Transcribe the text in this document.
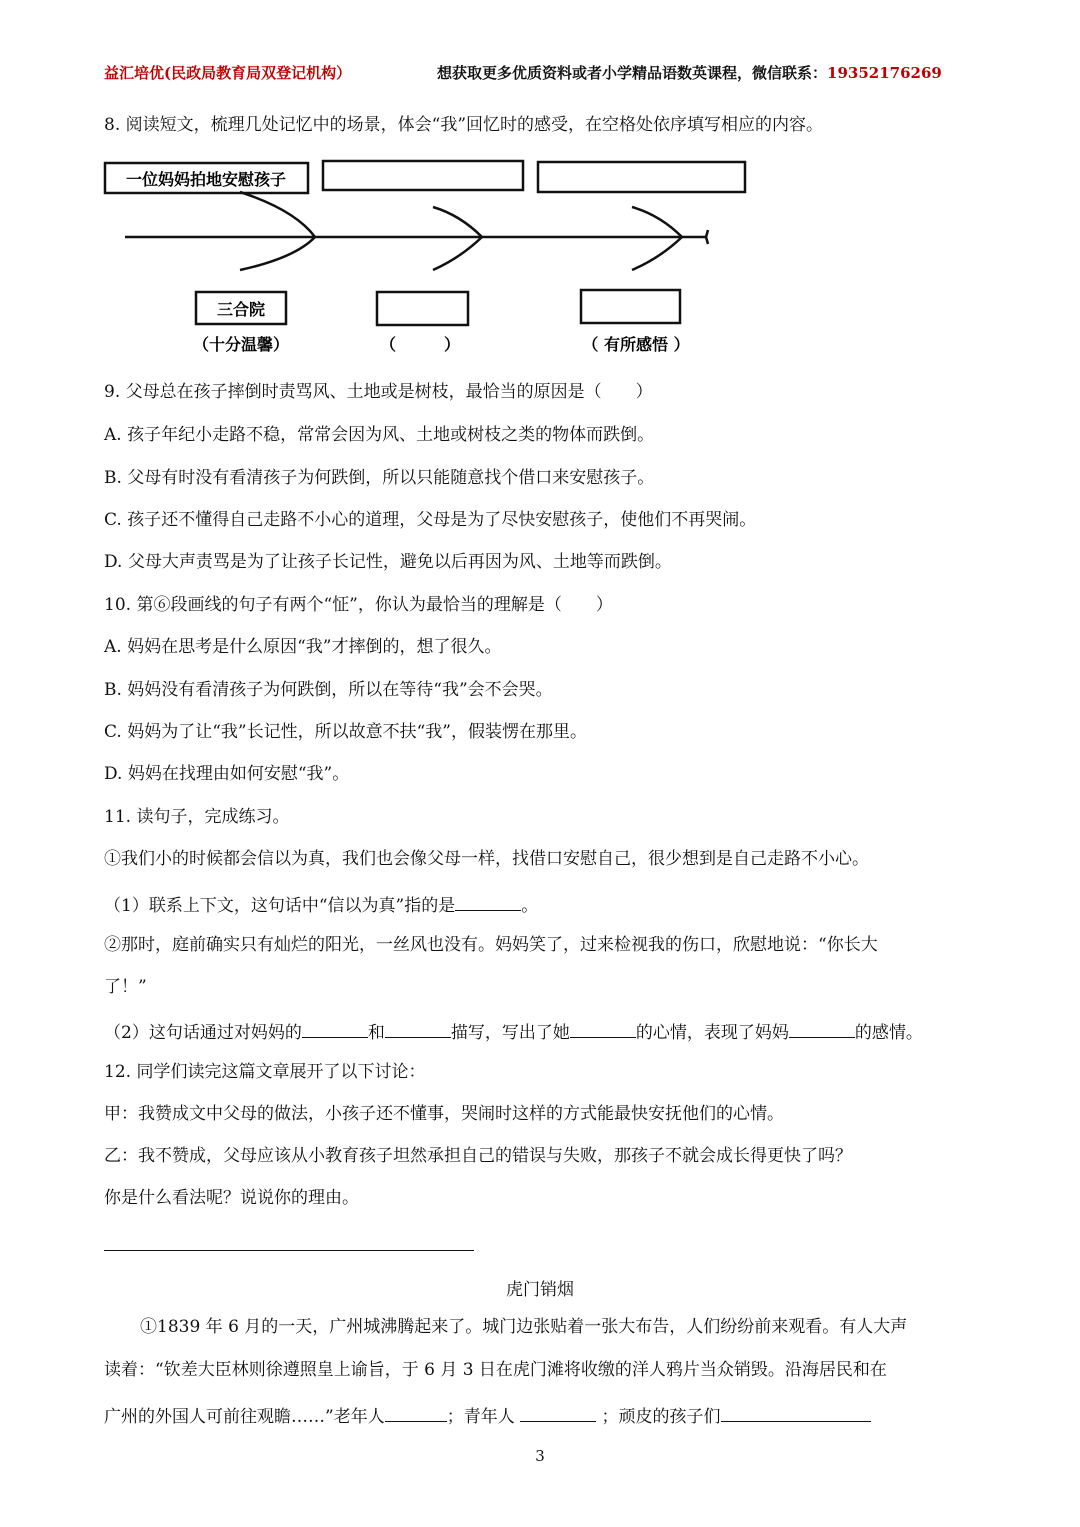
益汇培优(民政局教育局双登记机构）	想获取更多优质资料或者小学精品语数英课程，微信联系：19352176269
8. 阅读短文，梳理几处记忆中的场景，体会“我”回忆时的感受，在空格处依序填写相应的内容。
一位妈妈拍地安慰孩子
三合院
（十分温馨）	（　　　）	（ 有所感悟 ）
9. 父母总在孩子摔倒时责骂风、土地或是树枝，最恰当的原因是（　　）
A. 孩子年纪小走路不稳，常常会因为风、土地或树枝之类的物体而跌倒。
B. 父母有时没有看清孩子为何跌倒，所以只能随意找个借口来安慰孩子。
C. 孩子还不懂得自己走路不小心的道理，父母是为了尽快安慰孩子，使他们不再哭闹。
D. 父母大声责骂是为了让孩子长记性，避免以后再因为风、土地等而跌倒。
10. 第⑥段画线的句子有两个“怔”，你认为最恰当的理解是（　　）
A. 妈妈在思考是什么原因“我”才摔倒的，想了很久。
B. 妈妈没有看清孩子为何跌倒，所以在等待“我”会不会哭。
C. 妈妈为了让“我”长记性，所以故意不扶“我”，假装愣在那里。
D. 妈妈在找理由如何安慰“我”。
11. 读句子，完成练习。
①我们小的时候都会信以为真，我们也会像父母一样，找借口安慰自己，很少想到是自己走路不小心。
（1）联系上下文，这句话中“信以为真”指的是	。
②那时，庭前确实只有灿烂的阳光，一丝风也没有。妈妈笑了，过来检视我的伤口，欣慰地说：“你长大
了！”
（2）这句话通过对妈妈的	和	描写，写出了她	的心情，表现了妈妈	的感情。
12. 同学们读完这篇文章展开了以下讨论：
甲：我赞成文中父母的做法，小孩子还不懂事，哭闹时这样的方式能最快安抚他们的心情。
乙：我不赞成，父母应该从小教育孩子坦然承担自己的错误与失败，那孩子不就会成长得更快了吗？
你是什么看法呢？说说你的理由。
虎门销烟
①1839 年 6 月的一天，广州城沸腾起来了。城门边张贴着一张大布告，人们纷纷前来观看。有人大声
读着：“钦差大臣林则徐遵照皇上谕旨，于 6 月 3 日在虎门滩将收缴的洋人鸦片当众销毁。沿海居民和在
广州的外国人可前往观瞻……”老年人	；青年人	；顽皮的孩子们
3
